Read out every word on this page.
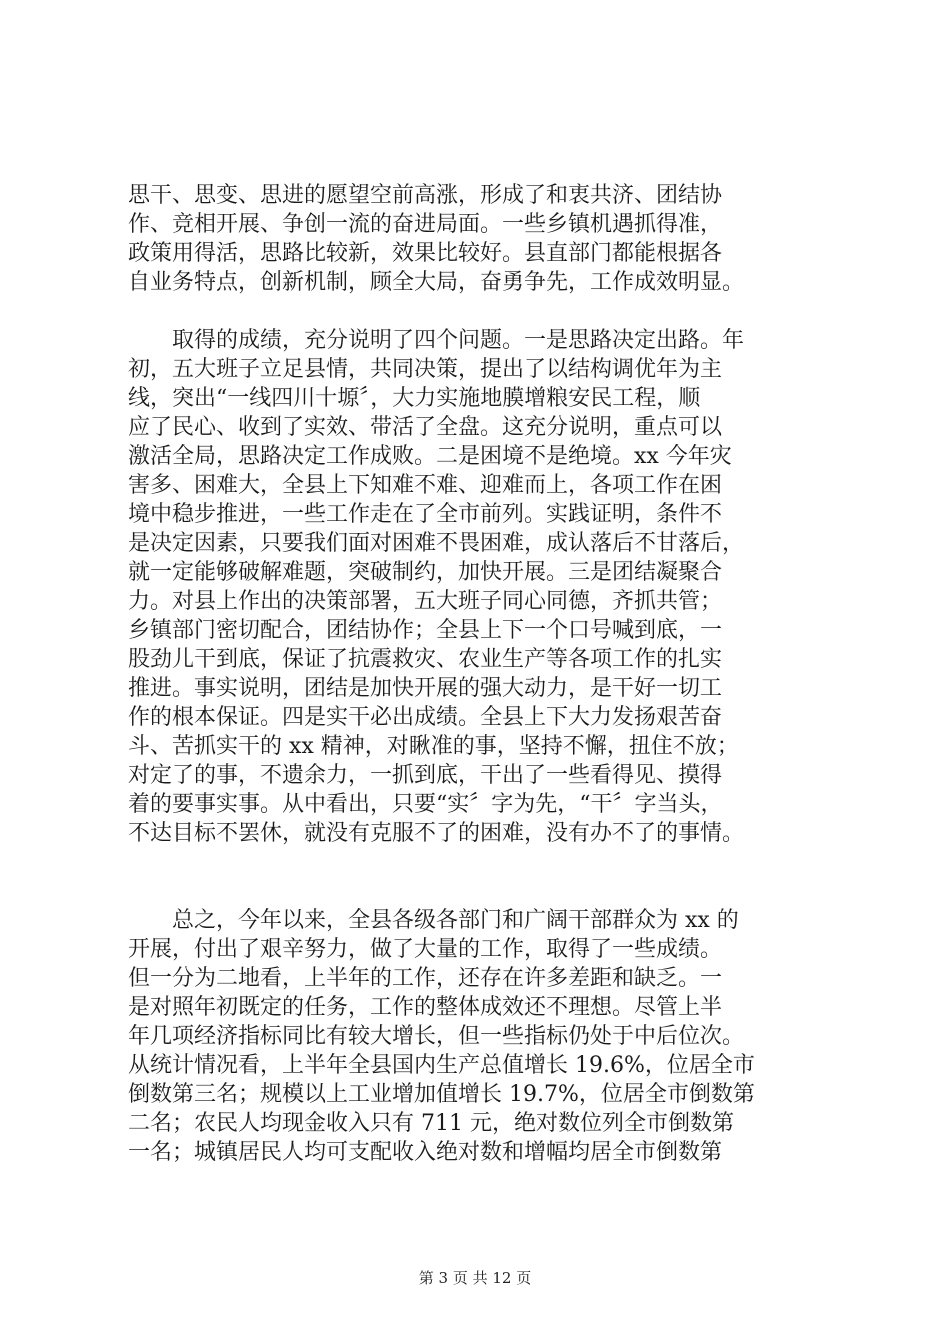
思干、思变、思进的愿望空前高涨，形成了和衷共济、团结协
作、竞相开展、争创一流的奋进局面。一些乡镇机遇抓得准，
政策用得活，思路比较新，效果比较好。县直部门都能根据各
自业务特点，创新机制，顾全大局，奋勇争先，工作成效明显。
　　取得的成绩，充分说明了四个问题。一是思路决定出路。年
初，五大班子立足县情，共同决策，提出了以结构调优年为主
线，突出“一线四川十塬〞，大力实施地膜增粮安民工程，顺
应了民心、收到了实效、带活了全盘。这充分说明，重点可以
激活全局，思路决定工作成败。二是困境不是绝境。xx 今年灾
害多、困难大，全县上下知难不难、迎难而上，各项工作在困
境中稳步推进，一些工作走在了全市前列。实践证明，条件不
是决定因素，只要我们面对困难不畏困难，成认落后不甘落后，
就一定能够破解难题，突破制约，加快开展。三是团结凝聚合
力。对县上作出的决策部署，五大班子同心同德，齐抓共管；
乡镇部门密切配合，团结协作；全县上下一个口号喊到底，一
股劲儿干到底，保证了抗震救灾、农业生产等各项工作的扎实
推进。事实说明，团结是加快开展的强大动力，是干好一切工
作的根本保证。四是实干必出成绩。全县上下大力发扬艰苦奋
斗、苦抓实干的 xx 精神，对瞅准的事，坚持不懈，扭住不放；
对定了的事，不遗余力，一抓到底，干出了一些看得见、摸得
着的要事实事。从中看出，只要“实〞字为先，“干〞字当头，
不达目标不罢休，就没有克服不了的困难，没有办不了的事情。
　　总之，今年以来，全县各级各部门和广阔干部群众为 xx 的
开展，付出了艰辛努力，做了大量的工作，取得了一些成绩。
但一分为二地看，上半年的工作，还存在许多差距和缺乏。一
是对照年初既定的任务，工作的整体成效还不理想。尽管上半
年几项经济指标同比有较大增长，但一些指标仍处于中后位次。
从统计情况看，上半年全县国内生产总值增长 19.6%，位居全市
倒数第三名；规模以上工业增加值增长 19.7%，位居全市倒数第
二名；农民人均现金收入只有 711 元，绝对数位列全市倒数第
一名；城镇居民人均可支配收入绝对数和增幅均居全市倒数第
第 3 页 共 12 页
